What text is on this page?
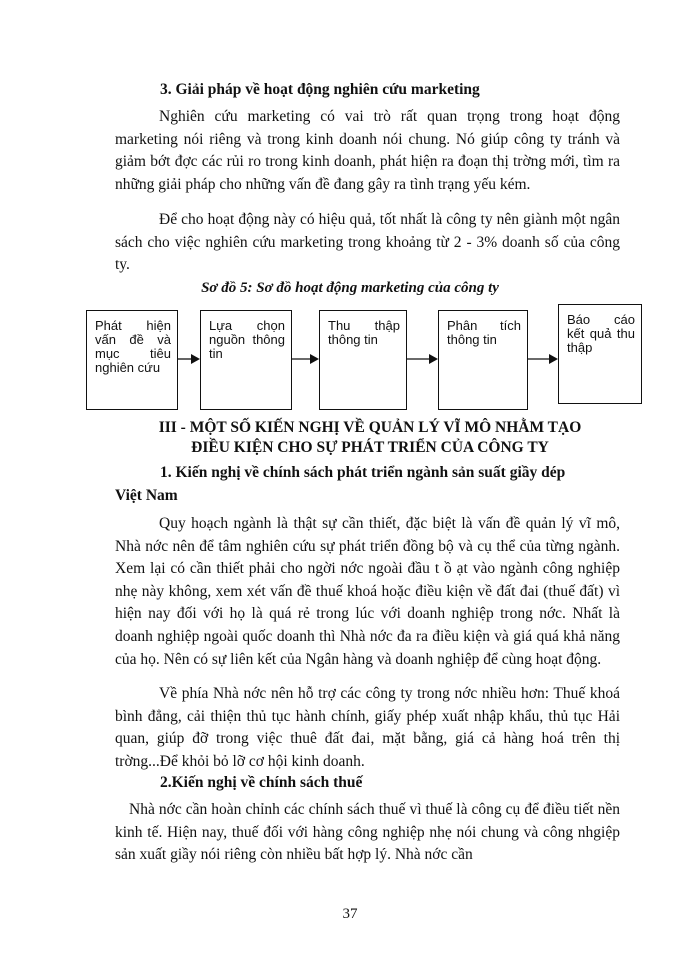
3. Giải pháp về hoạt động nghiên cứu marketing

Nghiên cứu marketing có vai trò rất quan trọng trong hoạt động marketing nói riêng và trong kinh doanh nói chung. Nó giúp công ty tránh và giảm bớt đợc các rủi ro trong kinh doanh, phát hiện ra đoạn thị trờng mới, tìm ra những giải pháp cho những vấn đề đang gây ra tình trạng yếu kém.

Để cho hoạt động này có hiệu quả, tốt nhất là công ty nên giành một ngân sách cho việc nghiên cứu marketing trong khoảng từ 2 - 3% doanh số của công ty.

Sơ đồ 5: Sơ đồ hoạt động marketing của công ty

Phát hiện vấn đề và mục tiêu nghiên cứu
Lựa chọn nguồn thông tin
Thu thập thông tin
Phân tích thông tin
Báo cáo kết quả thu thập

III - MỘT SỐ KIẾN NGHỊ VỀ QUẢN LÝ VĨ MÔ NHẰM TẠO

ĐIỀU KIỆN CHO SỰ PHÁT TRIỂN CỦA CÔNG TY

1. Kiến nghị về chính sách phát triển ngành sản suất giầy dép

Việt Nam

Quy hoạch ngành là thật sự cần thiết, đặc biệt là vấn đề quản lý vĩ mô, Nhà nớc nên để tâm nghiên cứu sự phát triển đồng bộ và cụ thể của từng ngành. Xem lại có cần thiết phải cho ngời nớc ngoài đầu t ồ ạt vào ngành công nghiệp nhẹ này không, xem xét vấn đề thuế khoá hoặc điều kiện về đất đai (thuế đất) vì hiện nay đối với họ là quá rẻ trong lúc với doanh nghiệp trong nớc. Nhất là doanh nghiệp ngoài quốc doanh thì Nhà nớc đa ra điều kiện và giá quá khả năng của họ. Nên có sự liên kết của Ngân hàng và doanh nghiệp để cùng hoạt động.

Về phía Nhà nớc nên hỗ trợ các công ty trong nớc nhiều hơn: Thuế khoá bình đẳng, cải thiện thủ tục hành chính, giấy phép xuất nhập khẩu, thủ tục Hải quan, giúp đỡ trong việc thuê đất đai, mặt bằng, giá cả hàng hoá trên thị trờng...Để khỏi bỏ lỡ cơ hội kinh doanh.

2.Kiến nghị về chính sách thuế

Nhà nớc cần hoàn chỉnh các chính sách thuế vì thuế là công cụ để điều tiết nền kinh tế. Hiện nay, thuế đối với hàng công nghiệp nhẹ nói chung và công nhgiệp sản xuất giầy nói riêng còn nhiều bất hợp lý. Nhà nớc cần

37
